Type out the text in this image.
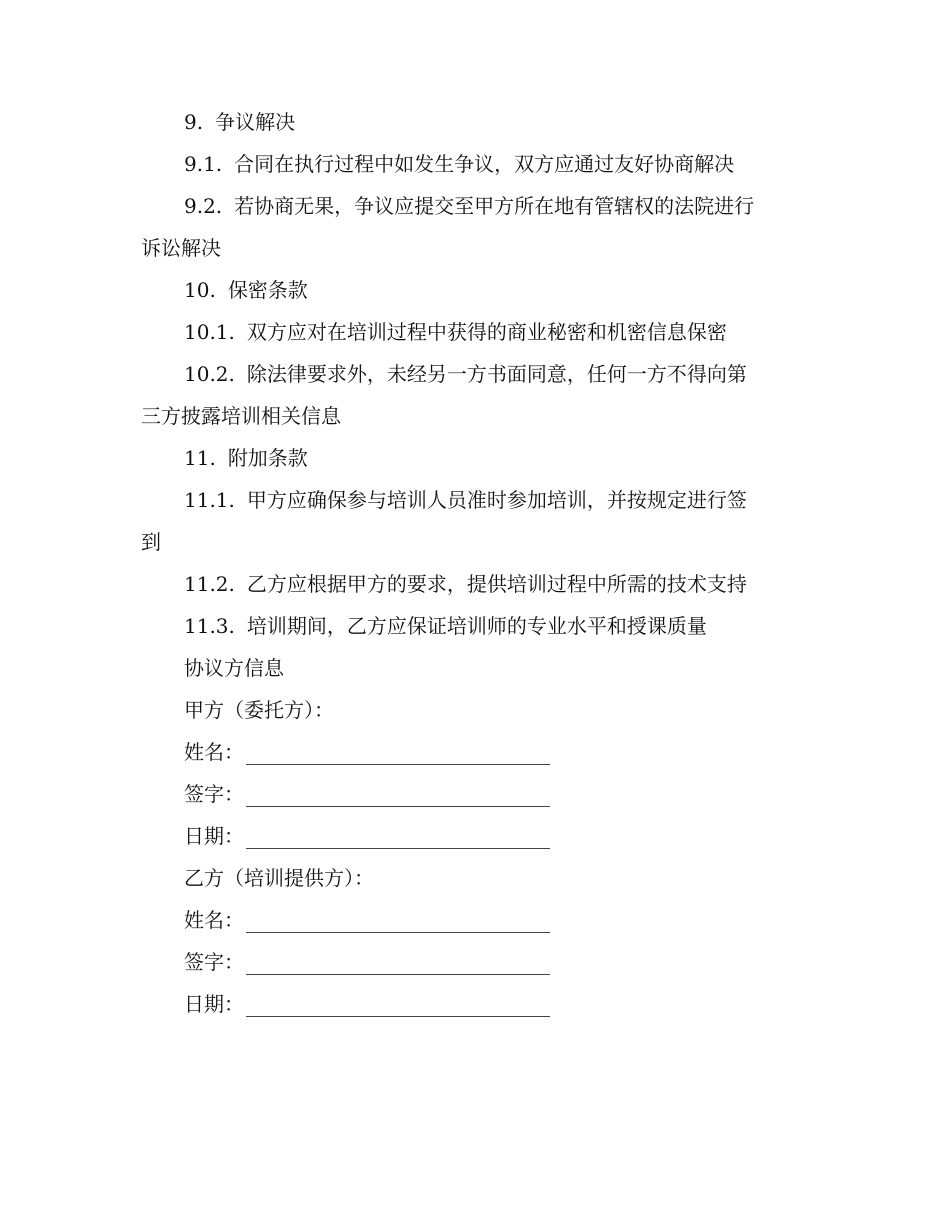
9. 争议解决
9.1. 合同在执行过程中如发生争议，双方应通过友好协商解决
9.2. 若协商无果，争议应提交至甲方所在地有管辖权的法院进行
诉讼解决
10. 保密条款
10.1. 双方应对在培训过程中获得的商业秘密和机密信息保密
10.2. 除法律要求外，未经另一方书面同意，任何一方不得向第
三方披露培训相关信息
11. 附加条款
11.1. 甲方应确保参与培训人员准时参加培训，并按规定进行签
到
11.2. 乙方应根据甲方的要求，提供培训过程中所需的技术支持
11.3. 培训期间，乙方应保证培训师的专业水平和授课质量
协议方信息
甲方（委托方）：
姓名：
签字：
日期：
乙方（培训提供方）：
姓名：
签字：
日期：
